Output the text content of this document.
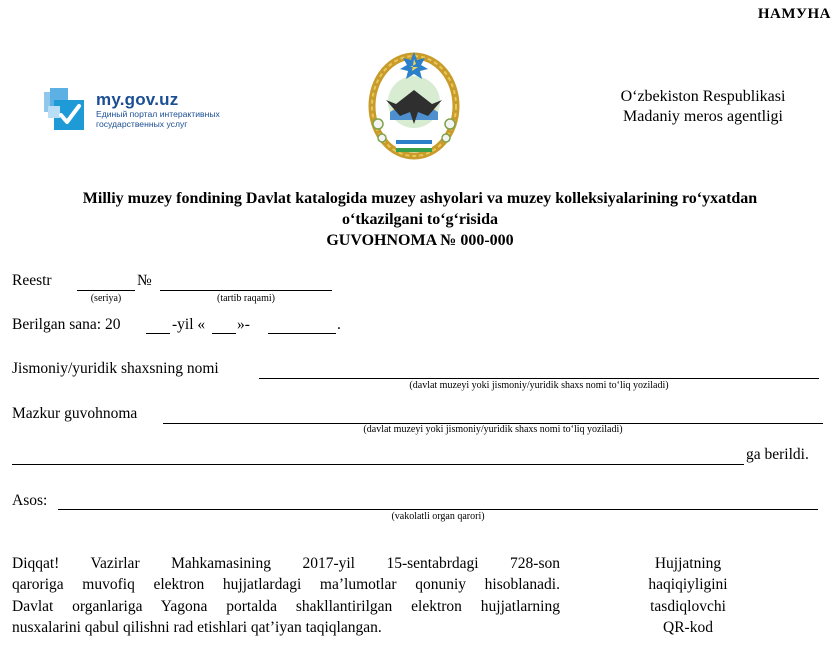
НАМУНА
my.gov.uz
Единый портал интерактивных государственных услуг
O‘zbekiston Respublikasi
Madaniy meros agentligi
Milliy muzey fondining Davlat katalogida muzey ashyolari va muzey kolleksiyalarining ro‘yxatdan
o‘tkazilgani to‘g‘risida
GUVOHNOMA № 000-000
Reestr	№
(seriya)	(tartib raqami)
Berilgan sana: 20	-yil « »-	.
Jismoniy/yuridik shaxsning nomi
(davlat muzeyi yoki jismoniy/yuridik shaxs nomi to‘liq yoziladi)
Mazkur guvohnoma
(davlat muzeyi yoki jismoniy/yuridik shaxs nomi to‘liq yoziladi)
ga berildi.
Asos:
(vakolatli organ qarori)
Diqqat! Vazirlar Mahkamasining 2017-yil 15-sentabrdagi 728-son
qaroriga muvofiq elektron hujjatlardagi ma’lumotlar qonuniy hisoblanadi.
Davlat organlariga Yagona portalda shakllantirilgan elektron hujjatlarning
nusxalarini qabul qilishni rad etishlari qat’iyan taqiqlangan.
Hujjatning
haqiqiyligini
tasdiqlovchi
QR-kod
